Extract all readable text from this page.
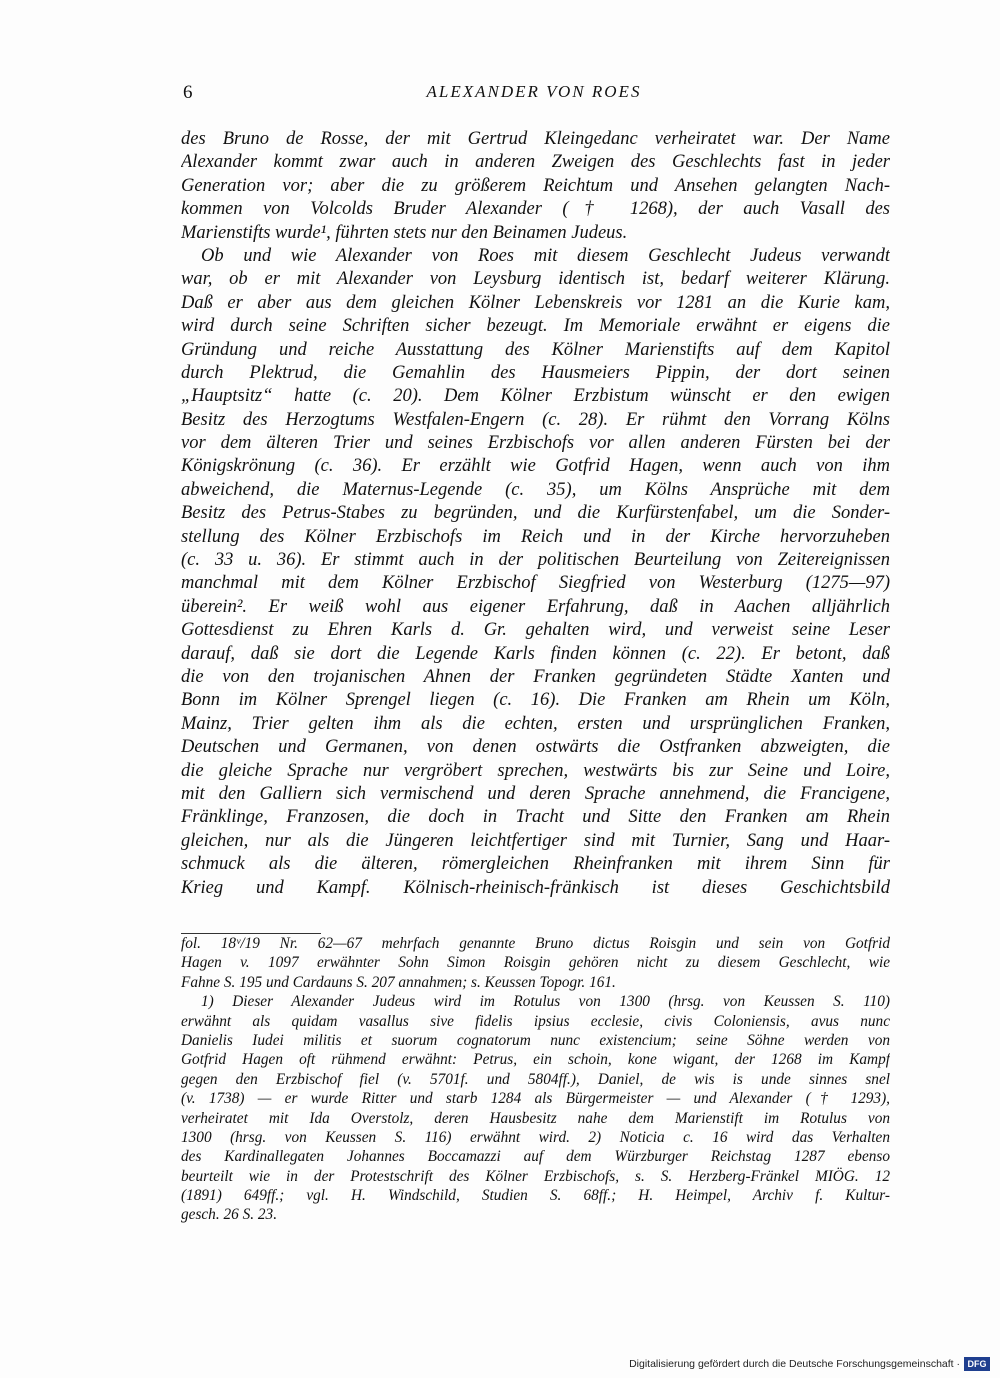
6	ALEXANDER VON ROES
des Bruno de Rosse, der mit Gertrud Kleingedanc verheiratet war. Der Name
Alexander kommt zwar auch in anderen Zweigen des Geschlechts fast in jeder
Generation vor; aber die zu größerem Reichtum und Ansehen gelangten Nach-
kommen von Volcolds Bruder Alexander († 1268), der auch Vasall des
Marienstifts wurde¹, führten stets nur den Beinamen Judeus.
Ob und wie Alexander von Roes mit diesem Geschlecht Judeus verwandt
war, ob er mit Alexander von Leysburg identisch ist, bedarf weiterer Klärung.
Daß er aber aus dem gleichen Kölner Lebenskreis vor 1281 an die Kurie kam,
wird durch seine Schriften sicher bezeugt. Im Memoriale erwähnt er eigens die
Gründung und reiche Ausstattung des Kölner Marienstifts auf dem Kapitol
durch Plektrud, die Gemahlin des Hausmeiers Pippin, der dort seinen
„Hauptsitz“ hatte (c. 20). Dem Kölner Erzbistum wünscht er den ewigen
Besitz des Herzogtums Westfalen-Engern (c. 28). Er rühmt den Vorrang Kölns
vor dem älteren Trier und seines Erzbischofs vor allen anderen Fürsten bei der
Königskrönung (c. 36). Er erzählt wie Gotfrid Hagen, wenn auch von ihm
abweichend, die Maternus-Legende (c. 35), um Kölns Ansprüche mit dem
Besitz des Petrus-Stabes zu begründen, und die Kurfürstenfabel, um die Sonder-
stellung des Kölner Erzbischofs im Reich und in der Kirche hervorzuheben
(c. 33 u. 36). Er stimmt auch in der politischen Beurteilung von Zeitereignissen
manchmal mit dem Kölner Erzbischof Siegfried von Westerburg (1275—97)
überein². Er weiß wohl aus eigener Erfahrung, daß in Aachen alljährlich
Gottesdienst zu Ehren Karls d. Gr. gehalten wird, und verweist seine Leser
darauf, daß sie dort die Legende Karls finden können (c. 22). Er betont, daß
die von den trojanischen Ahnen der Franken gegründeten Städte Xanten und
Bonn im Kölner Sprengel liegen (c. 16). Die Franken am Rhein um Köln,
Mainz, Trier gelten ihm als die echten, ersten und ursprünglichen Franken,
Deutschen und Germanen, von denen ostwärts die Ostfranken abzweigten, die
die gleiche Sprache nur vergröbert sprechen, westwärts bis zur Seine und Loire,
mit den Galliern sich vermischend und deren Sprache annehmend, die Francigene,
Fränklinge, Franzosen, die doch in Tracht und Sitte den Franken am Rhein
gleichen, nur als die Jüngeren leichtfertiger sind mit Turnier, Sang und Haar-
schmuck als die älteren, römergleichen Rheinfranken mit ihrem Sinn für
Krieg und Kampf. Kölnisch-rheinisch-fränkisch ist dieses Geschichtsbild
fol. 18ᵛ/19 Nr. 62—67 mehrfach genannte Bruno dictus Roisgin und sein von Gotfrid
Hagen v. 1097 erwähnter Sohn Simon Roisgin gehören nicht zu diesem Geschlecht, wie
Fahne S. 195 und Cardauns S. 207 annahmen; s. Keussen Topogr. 161.
1) Dieser Alexander Judeus wird im Rotulus von 1300 (hrsg. von Keussen S. 110)
erwähnt als quidam vasallus sive fidelis ipsius ecclesie, civis Coloniensis, avus nunc
Danielis Iudei militis et suorum cognatorum nunc existencium; seine Söhne werden von
Gotfrid Hagen oft rühmend erwähnt: Petrus, ein schoin, kone wigant, der 1268 im Kampf
gegen den Erzbischof fiel (v. 5701f. und 5804ff.), Daniel, de wis is unde sinnes snel
(v. 1738) — er wurde Ritter und starb 1284 als Bürgermeister — und Alexander († 1293),
verheiratet mit Ida Overstolz, deren Hausbesitz nahe dem Marienstift im Rotulus von
1300 (hrsg. von Keussen S. 116) erwähnt wird. 2) Noticia c. 16 wird das Verhalten
des Kardinallegaten Johannes Boccamazzi auf dem Würzburger Reichstag 1287 ebenso
beurteilt wie in der Protestschrift des Kölner Erzbischofs, s. S. Herzberg-Fränkel MIÖG. 12
(1891) 649ff.; vgl. H. Windschild, Studien S. 68ff.; H. Heimpel, Archiv f. Kultur-
gesch. 26 S. 23.
Digitalisierung gefördert durch die Deutsche Forschungsgemeinschaft · DFG
